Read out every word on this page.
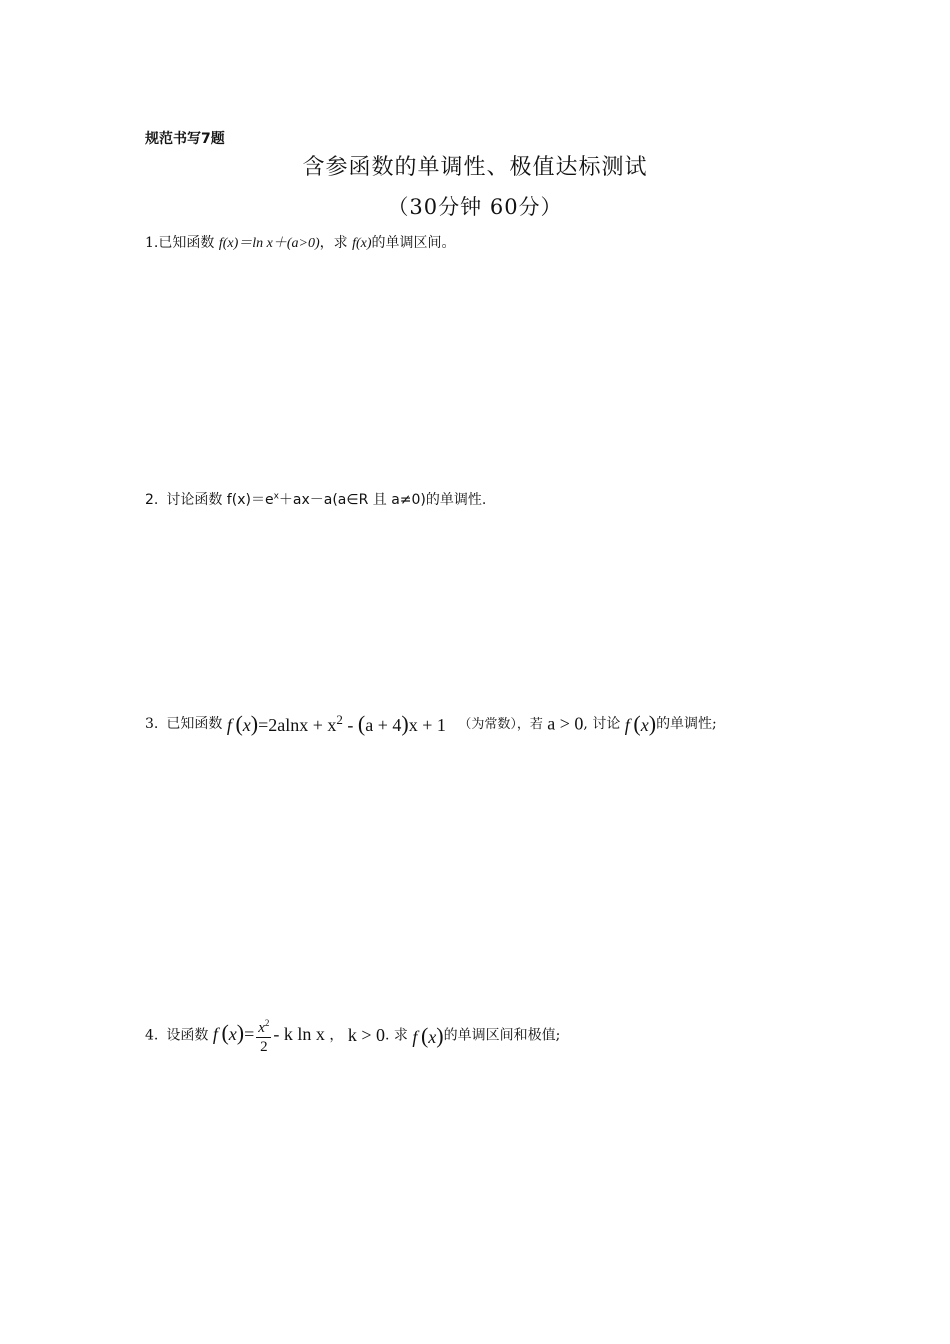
规范书写7题
含参函数的单调性、极值达标测试
（30分钟 60分）
1.已知函数 f(x)＝ln x＋(a>0)，求 f(x)的单调区间。
2. 讨论函数 $f(x)=e^x+ax-a(a\in R$ 且 a≠0)的单调性.
3. 已知函数 f  $(x)=2alnx + x^2 - (a + 4)x + 1$ （为常数），若 a > 0, 讨论 f  (x)的单调性;
4. 设函数 f  $(x)= \frac{x^2}{2} - k$ ln x ， k > 0. 求 f  (x)的单调区间和极值;
